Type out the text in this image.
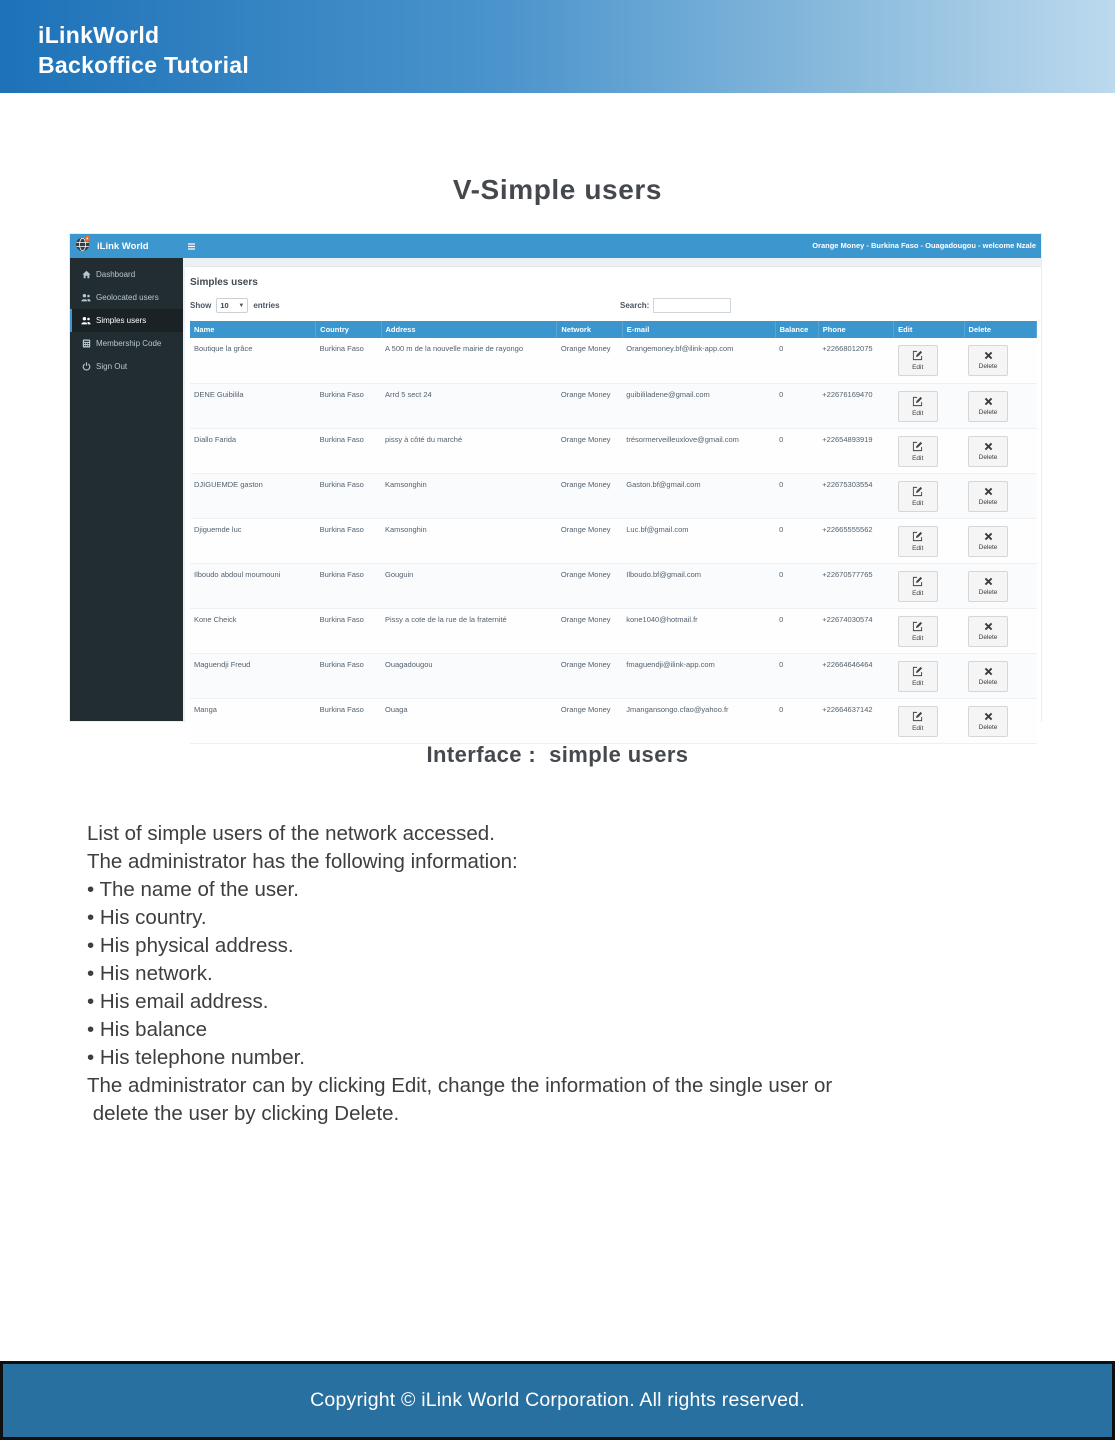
iLinkWorld
Backoffice Tutorial
V-Simple users
iLink World	Orange Money - Burkina Faso - Ouagadougou - welcome Nzale
Dashboard
Geolocated users
Simples users
Membership Code
Sign Out
Simples users
Show 10 ▼ entries	Search:
Name	Country	Address	Network	E-mail	Balance	Phone	Edit	Delete
Boutique la grâce	Burkina Faso	A 500 m de la nouvelle mairie de rayongo	Orange Money	Orangemoney.bf@ilink-app.com	0	+22668012075	Edit	Delete

DENE Guibilila	Burkina Faso	Arrd 5 sect 24	Orange Money	guibililadene@gmail.com	0	+22676169470	Edit	Delete

Diallo Farida	Burkina Faso	pissy à côté du marché	Orange Money	trésormerveilleuxlove@gmail.com	0	+22654893919	Edit	Delete

DJIGUEMDE gaston	Burkina Faso	Kamsonghin	Orange Money	Gaston.bf@gmail.com	0	+22675303554	Edit	Delete

Djiguemde luc	Burkina Faso	Kamsonghin	Orange Money	Luc.bf@gmail.com	0	+22665555562	Edit	Delete

Ilboudo abdoul moumouni	Burkina Faso	Gouguin	Orange Money	Ilboudo.bf@gmail.com	0	+22670577765	Edit	Delete

Kone Cheick	Burkina Faso	Pissy a cote de la rue de la fraternité	Orange Money	kone1040@hotmail.fr	0	+22674030574	Edit	Delete

Maguendji Freud	Burkina Faso	Ouagadougou	Orange Money	fmaguendji@ilink-app.com	0	+22664646464	Edit	Delete

Manga	Burkina Faso	Ouaga	Orange Money	Jmangansongo.cfao@yahoo.fr	0	+22664637142	Edit	Delete
Interface :  simple users
List of simple users of the network accessed.
The administrator has the following information:
• The name of the user.
• His country.
• His physical address.
• His network.
• His email address.
• His balance
• His telephone number.
The administrator can by clicking Edit, change the information of the single user or
delete the user by clicking Delete.
Copyright © iLink World Corporation. All rights reserved.
